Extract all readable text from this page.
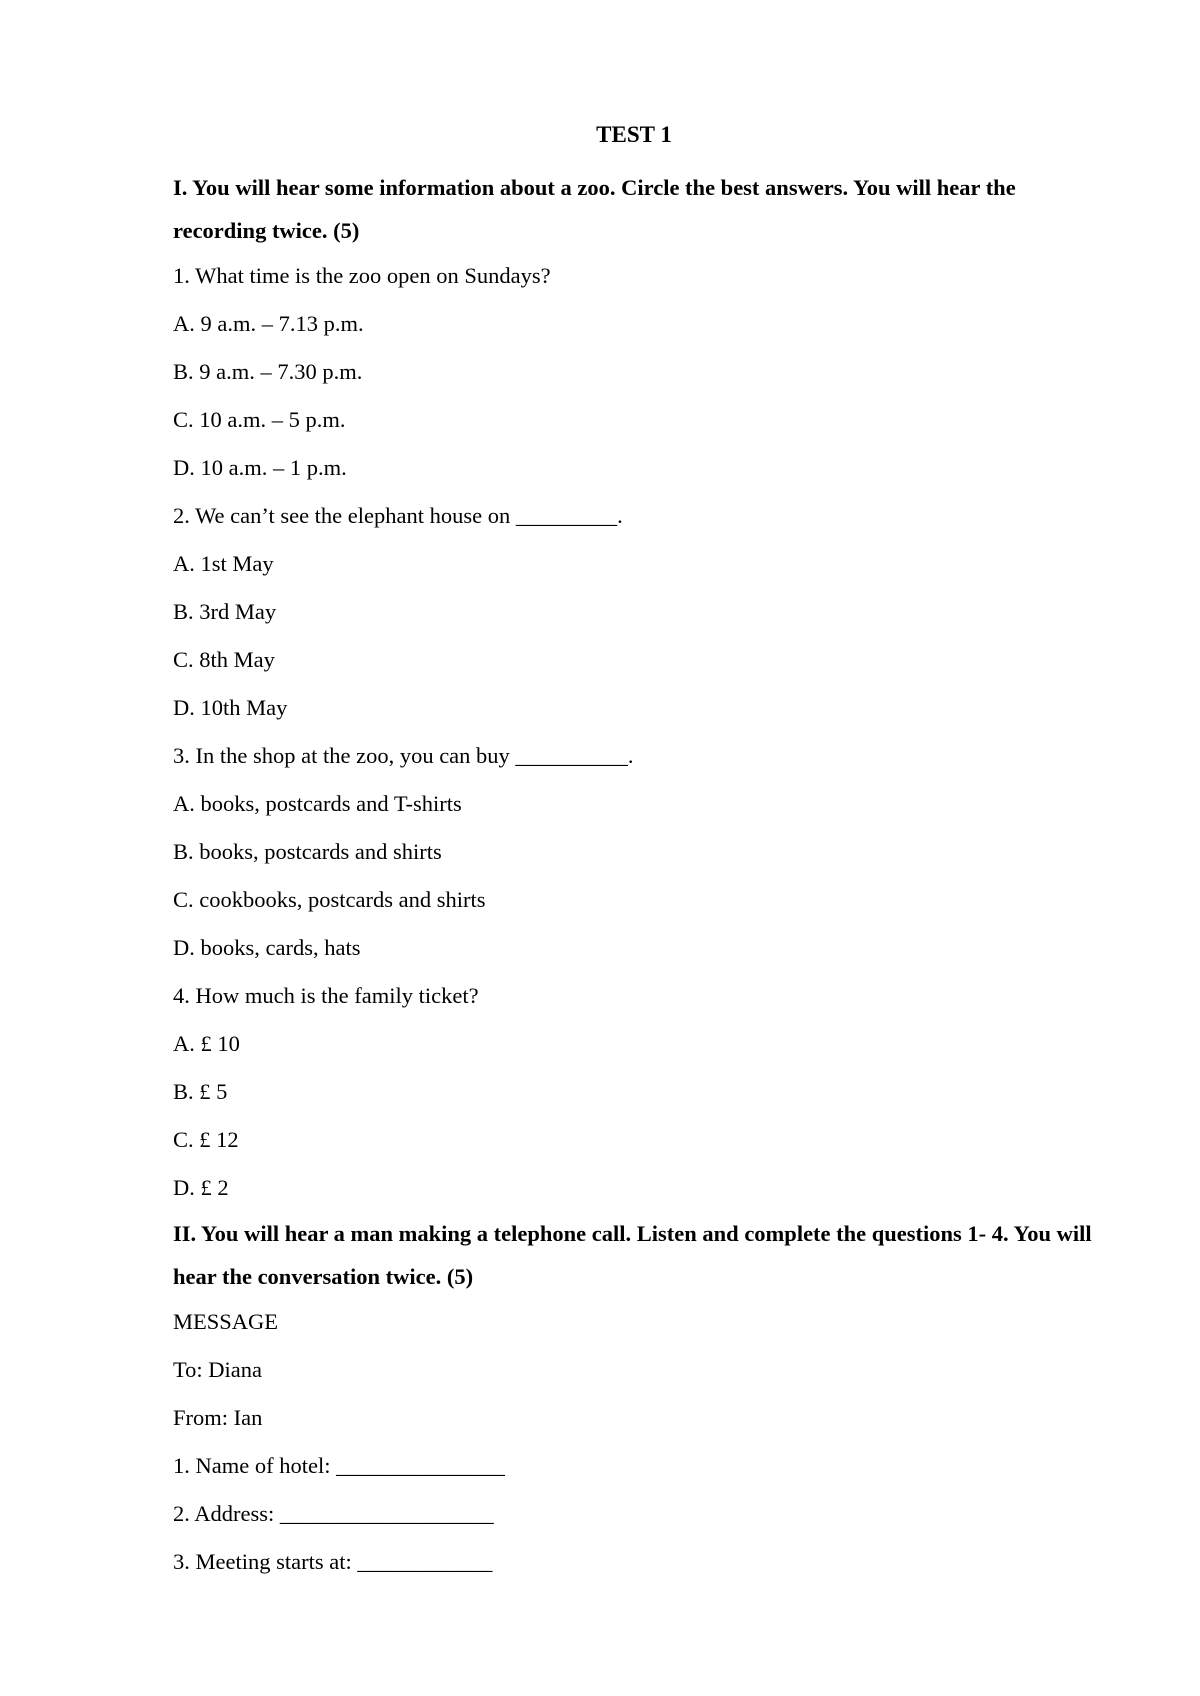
TEST 1

I. You will hear some information about a zoo. Circle the best answers. You will hear the recording twice. (5)

1. What time is the zoo open on Sundays?
A. 9 a.m. – 7.13 p.m.
B. 9 a.m. – 7.30 p.m.
C. 10 a.m. – 5 p.m.
D. 10 a.m. – 1 p.m.
2. We can’t see the elephant house on _________.
A. 1st May
B. 3rd May
C. 8th May
D. 10th May
3. In the shop at the zoo, you can buy __________.
A. books, postcards and T-shirts
B. books, postcards and shirts
C. cookbooks, postcards and shirts
D. books, cards, hats
4. How much is the family ticket?
A. £ 10
B. £ 5
C. £ 12
D. £ 2

II. You will hear a man making a telephone call. Listen and complete the questions 1- 4. You will hear the conversation twice. (5)

MESSAGE
To: Diana
From: Ian
1. Name of hotel: _______________
2. Address: ___________________
3. Meeting starts at: ____________
